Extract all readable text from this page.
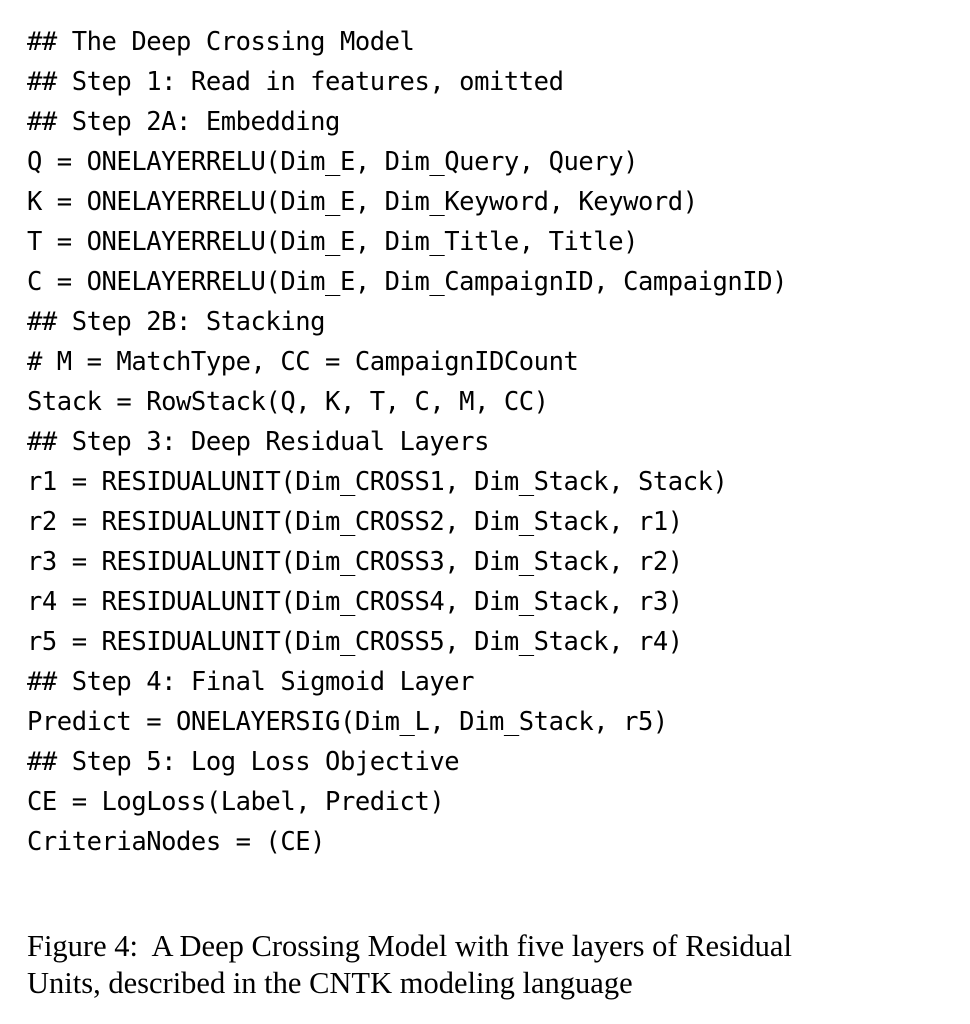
## The Deep Crossing Model
## Step 1: Read in features, omitted
## Step 2A: Embedding
Q = ONELAYERRELU(Dim_E, Dim_Query, Query)
K = ONELAYERRELU(Dim_E, Dim_Keyword, Keyword)
T = ONELAYERRELU(Dim_E, Dim_Title, Title)
C = ONELAYERRELU(Dim_E, Dim_CampaignID, CampaignID)
## Step 2B: Stacking
# M = MatchType, CC = CampaignIDCount
Stack = RowStack(Q, K, T, C, M, CC)
## Step 3: Deep Residual Layers
r1 = RESIDUALUNIT(Dim_CROSS1, Dim_Stack, Stack)
r2 = RESIDUALUNIT(Dim_CROSS2, Dim_Stack, r1)
r3 = RESIDUALUNIT(Dim_CROSS3, Dim_Stack, r2)
r4 = RESIDUALUNIT(Dim_CROSS4, Dim_Stack, r3)
r5 = RESIDUALUNIT(Dim_CROSS5, Dim_Stack, r4)
## Step 4: Final Sigmoid Layer
Predict = ONELAYERSIG(Dim_L, Dim_Stack, r5)
## Step 5: Log Loss Objective
CE = LogLoss(Label, Predict)
CriteriaNodes = (CE)
Figure 4:  A Deep Crossing Model with five layers of Residual
Units, described in the CNTK modeling language
